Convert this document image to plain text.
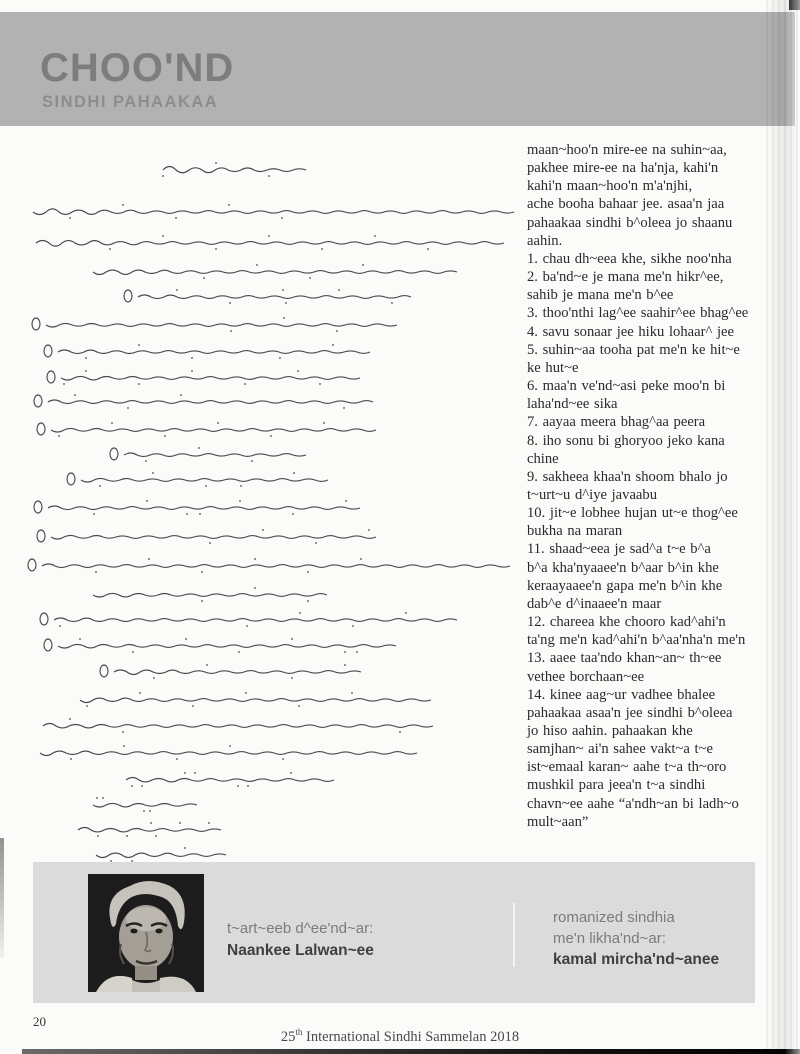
CHOO'ND
SINDHI PAHAAKAA
maan~hoo'n mire-ee na suhin~aa,
pakhee mire-ee na ha'nja, kahi'n
kahi'n maan~hoo'n m'a'njhi,
ache booha bahaar jee. asaa'n jaa
pahaakaa sindhi b^oleea jo shaanu
aahin.
1. chau dh~eea khe, sikhe noo'nha
2. ba'nd~e je mana me'n hikr^ee,
sahib je mana me'n b^ee
3. thoo'nthi lag^ee saahir^ee bhag^ee
4. savu sonaar jee hiku lohaar^ jee
5. suhin~aa tooha pat me'n ke hit~e
ke hut~e
6. maa'n ve'nd~asi peke moo'n bi
laha'nd~ee sika
7. aayaa meera bhag^aa peera
8. iho sonu bi ghoryoo jeko kana
chine
9. sakheea khaa'n shoom bhalo jo
t~urt~u d^iye javaabu
10. jit~e lobhee hujan ut~e thog^ee
bukha na maran
11. shaad~eea je sad^a t~e b^a
b^a kha'nyaaee'n b^aar b^in khe
keraayaaee'n gapa me'n b^in khe
dab^e d^inaaee'n maar
12. chareea khe chooro kad^ahi'n
ta'ng me'n kad^ahi'n b^aa'nha'n me'n
13. aaee taa'ndo khan~an~ th~ee
vethee borchaan~ee
14. kinee aag~ur vadhee bhalee
pahaakaa asaa'n jee sindhi b^oleea
jo hiso aahin. pahaakan khe
samjhan~ ai'n sahee vakt~a t~e
ist~emaal karan~ aahe t~a th~oro
mushkil para jeea'n t~a sindhi
chavn~ee aahe “a'ndh~an bi ladh~o
mult~aan”
t~art~eeb d^ee'nd~ar:
Naankee Lalwan~ee
romanized sindhia
me'n likha'nd~ar:
kamal mircha'nd~anee
20
25th International Sindhi Sammelan 2018
